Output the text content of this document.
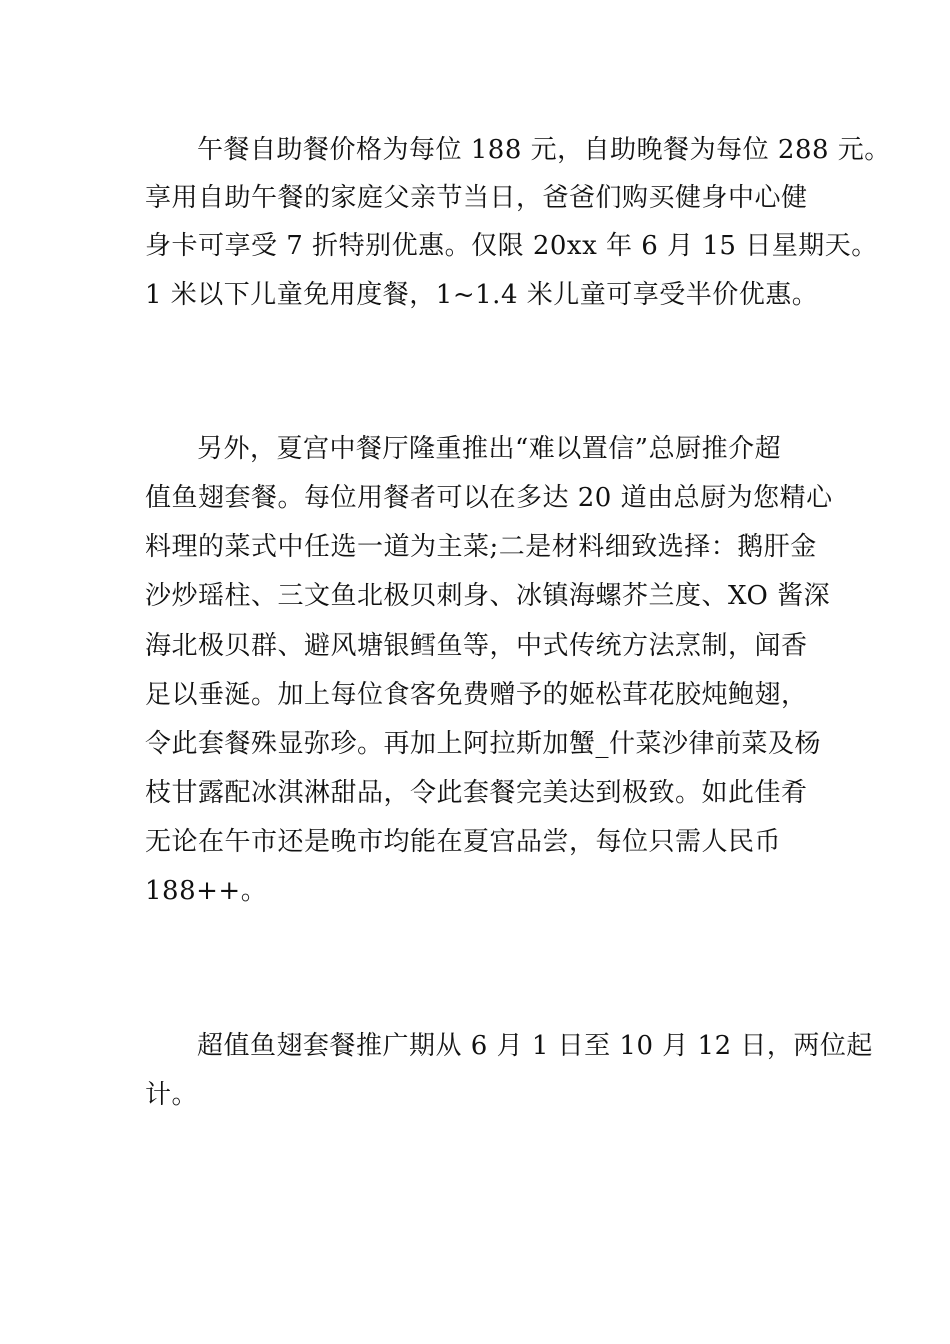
午餐自助餐价格为每位 188 元，自助晚餐为每位 288 元。

享用自助午餐的家庭父亲节当日，爸爸们购买健身中心健

身卡可享受 7 折特别优惠。仅限 20xx 年 6 月 15 日星期天。

1 米以下儿童免用度餐，1~1.4 米儿童可享受半价优惠。

另外，夏宫中餐厅隆重推出“难以置信”总厨推介超

值鱼翅套餐。每位用餐者可以在多达 20 道由总厨为您精心

料理的菜式中任选一道为主菜;二是材料细致选择：鹅肝金

沙炒瑶柱、三文鱼北极贝刺身、冰镇海螺芥兰度、XO 酱深

海北极贝群、避风塘银鳕鱼等，中式传统方法烹制，闻香

足以垂涎。加上每位食客免费赠予的姬松茸花胶炖鲍翅，

令此套餐殊显弥珍。再加上阿拉斯加蟹_什菜沙律前菜及杨

枝甘露配冰淇淋甜品，令此套餐完美达到极致。如此佳肴

无论在午市还是晚市均能在夏宫品尝，每位只需人民币

188++。

超值鱼翅套餐推广期从 6 月 1 日至 10 月 12 日，两位起

计。
